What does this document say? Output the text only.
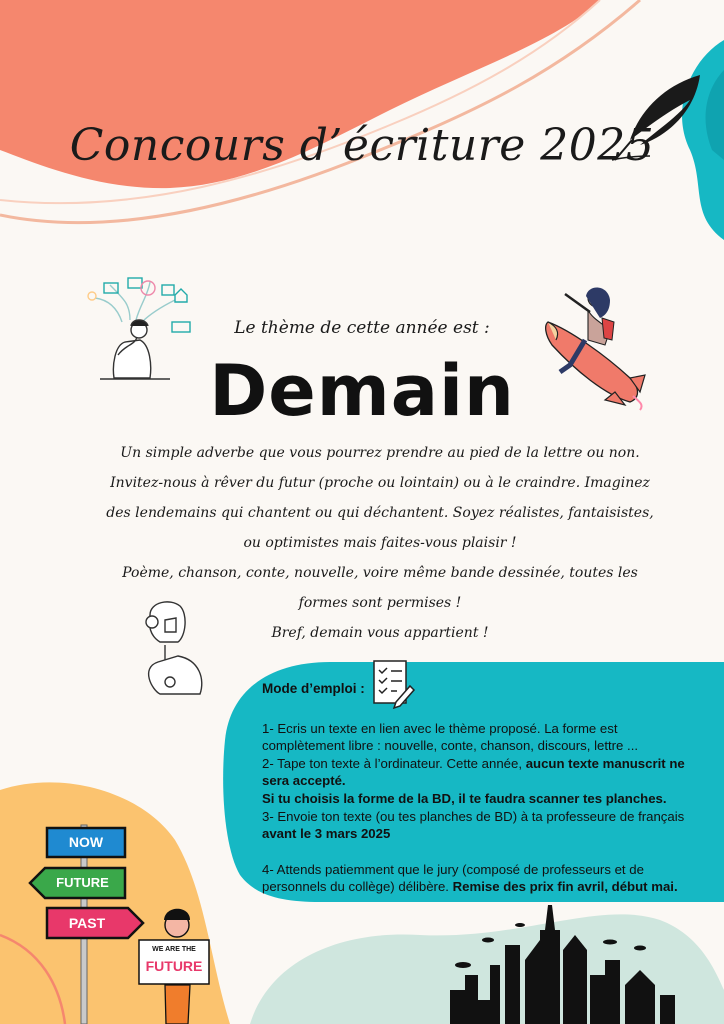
Concours d’écriture 2025
Le thème de cette année est :
Demain

Un simple adverbe que vous pourrez prendre au pied de la lettre ou non.

Invitez-nous à rêver du futur (proche ou lointain) ou à le craindre. Imaginez des lendemains qui chantent ou qui déchantent. Soyez réalistes, fantaisistes, ou optimistes mais faites-vous plaisir !

Poème, chanson, conte, nouvelle, voire même bande dessinée, toutes les formes sont permises !

Bref, demain vous appartient !

Mode d’emploi :

1- Ecris un texte en lien avec le thème proposé. La forme est complètement libre : nouvelle, conte, chanson, discours, lettre ...

2- Tape ton texte à l’ordinateur. Cette année, aucun texte manuscrit ne sera accepté.

Si tu choisis la forme de la BD, il te faudra scanner tes planches.

3- Envoie ton texte (ou tes planches de BD) à ta professeure de français avant le 3 mars 2025

4- Attends patiemment que le jury (composé de professeurs et de personnels du collège) délibère. Remise des prix fin avril, début mai.

NOW
FUTURE
PAST
WE ARE THE
FUTURE
